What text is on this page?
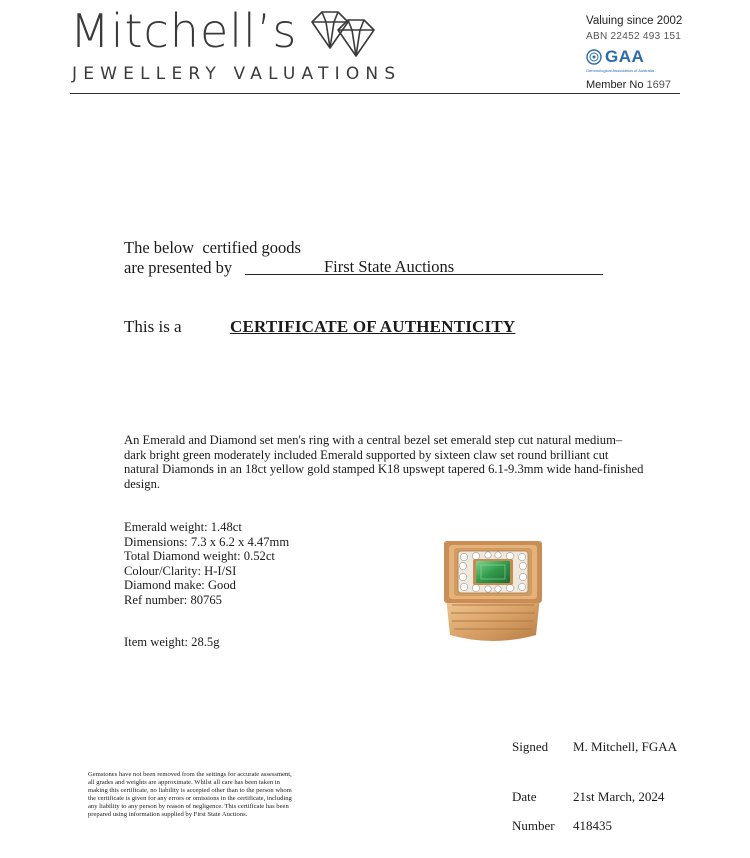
Mitchell’s
JEWELLERY VALUATIONS
Valuing since 2002
ABN 22452 493 151
GAA
Gemmological Association of Australia
Member No 1697
The below  certified goods
are presented by	First State Auctions
This is a	CERTIFICATE OF AUTHENTICITY
An Emerald and Diamond set men's ring with a central bezel set emerald step cut natural medium–dark bright green moderately included Emerald supported by sixteen claw set round brilliant cut natural Diamonds in an 18ct yellow gold stamped K18 upswept tapered 6.1-9.3mm wide hand-finished design.
Emerald weight: 1.48ct
Dimensions: 7.3 x 6.2 x 4.47mm
Total Diamond weight: 0.52ct
Colour/Clarity: H-I/SI
Diamond make: Good
Ref number: 80765
Item weight: 28.5g
Gemstones have not been removed from the settings for accurate assessment, all grades and weights are approximate. Whilst all care has been taken in making this certificate, no liability is accepted other than to the person whom the certificate is given for any errors or omissions in the certificate, including any liability to any person by reason of negligence. This certificate has been prepared using information supplied by First State Auctions.
Signed M. Mitchell, FGAA
Date	21st March, 2024
Number 418435
